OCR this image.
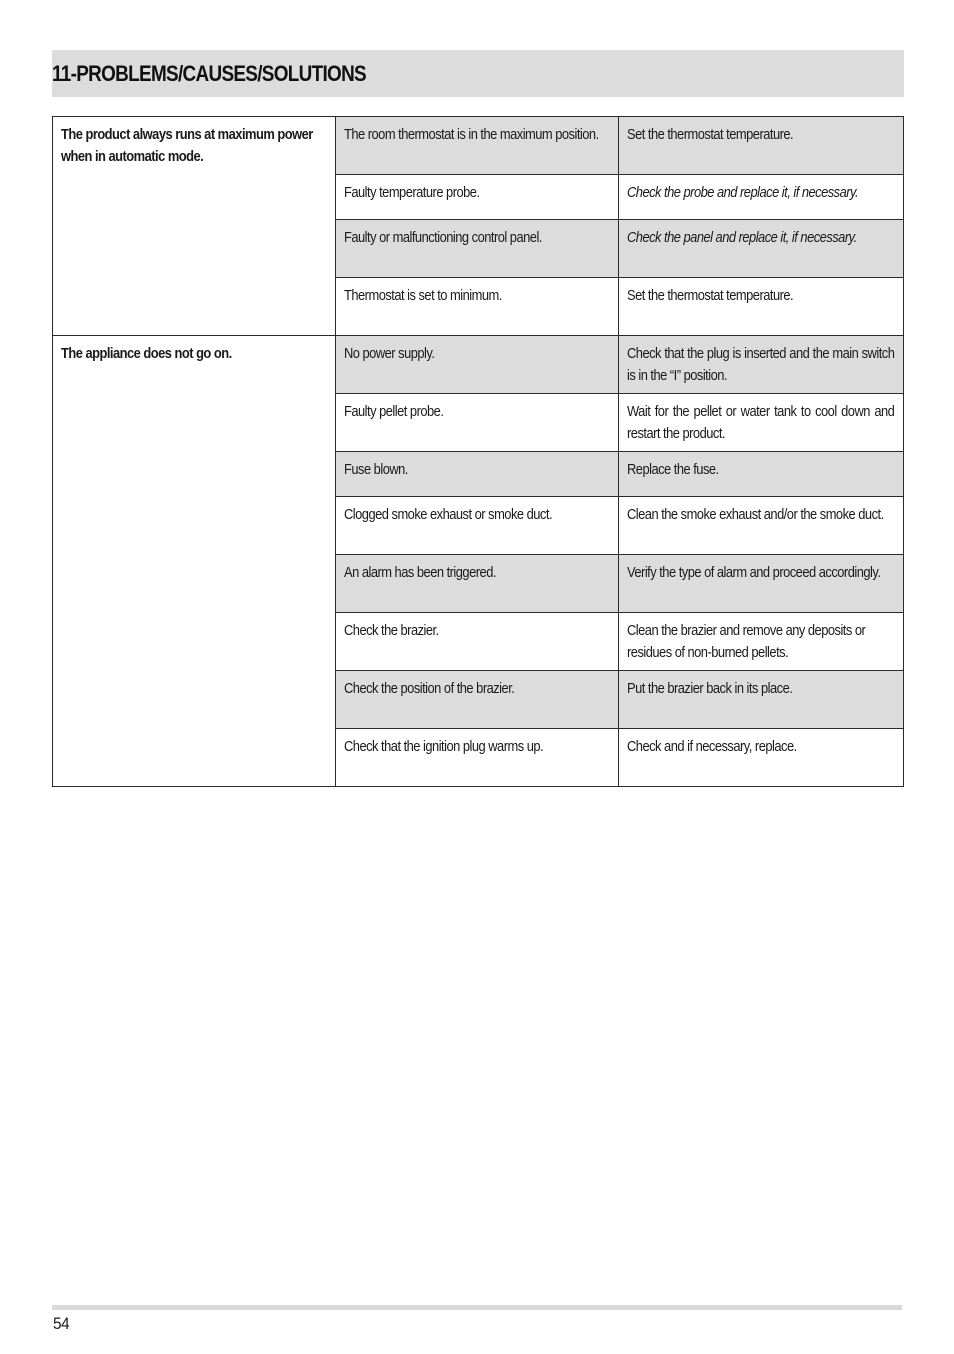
11-PROBLEMS/CAUSES/SOLUTIONS
The product always runs at maximum power when in automatic mode.	The room thermostat is in the maximum position.	Set the thermostat temperature.

	Faulty temperature probe.	Check the probe and replace it, if necessary.

	Faulty or malfunctioning control panel.	Check the panel and replace it, if necessary.

	Thermostat is set to minimum.	Set the thermostat temperature.

The appliance does not go on.	No power supply.	Check that the plug is inserted and the main switch is in the “I” position.

	Faulty pellet probe.	Wait for the pellet or water tank to cool down and restart the product.

	Fuse blown.	Replace the fuse.

	Clogged smoke exhaust or smoke duct.	Clean the smoke exhaust and/or the smoke duct.

	An alarm has been triggered.	Verify the type of alarm and proceed accordingly.

	Check the brazier.	Clean the brazier and remove any deposits or residues of non-burned pellets.

	Check the position of the brazier.	Put the brazier back in its place.

	Check that the ignition plug warms up.	Check and if necessary, replace.
54
